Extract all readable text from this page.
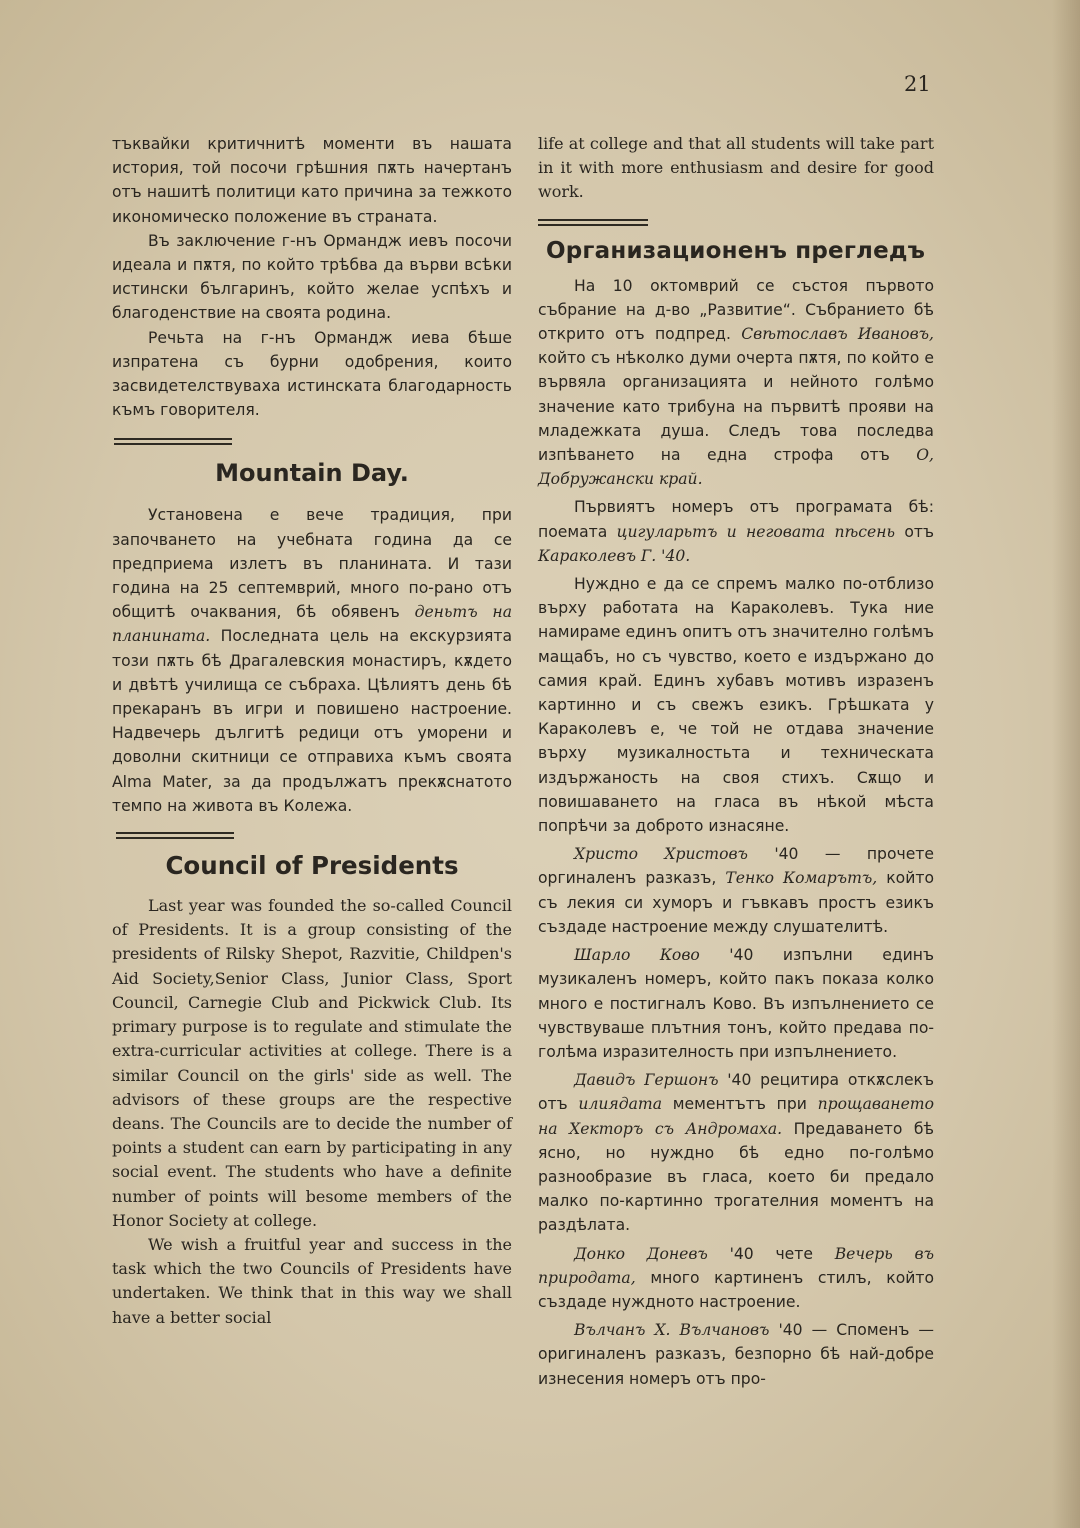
21

тъквайки критичнитѣ моменти въ нашата история, той посочи грѣшния пѫть начертанъ отъ нашитѣ политици като причина за тежкото икономическо положение въ страната.

Въ заключение г-нъ Ормандж иевъ посочи идеала и пѫтя, по който трѣбва да върви всѣки истински българинъ, който желае успѣхъ и благоденствие на своята родина.

Речьта на г-нъ Ормандж иева бѣше изпратена съ бурни одобрения, които засвидетелствуваха истинската благодарность къмъ говорителя.

Mountain Day.

Установена е вече традиция, при започването на учебната година да се предприема излетъ въ планината. И тази година на 25 септемврий, много по-рано отъ общитѣ очаквания, бѣ обявенъ деньтъ на планината. Последната цель на екскурзията този пѫть бѣ Драгалевския монастиръ, кѫдето и двѣтѣ училища се събраха. Цѣлиятъ день бѣ прекаранъ въ игри и повишено настроение. Надвечерь дългитѣ редици отъ уморени и доволни скитници се отправиха къмъ своята Alma Mater, за да продължатъ прекѫснатото темпо на живота въ Колежа.

Council of Presidents

Last year was founded the so-called Council of Presidents. It is a group consisting of the presidents of Rilsky Shepot, Razvitie, Childpen's Aid Society,Senior Class, Junior Class, Sport Council, Carnegie Club and Pickwick Club. Its primary purpose is to regulate and stimulate the extra-curricular activities at college. There is a similar Council on the girls' side as well. The advisors of these groups are the respective deans. The Councils are to decide the number of points a student can earn by participating in any social event. The students who have a definite number of points will besome members of the Honor Society at college.

We wish a fruitful year and success in the task which the two Councils of Presidents have undertaken. We think that in this way we shall have a better social

life at college and that all students will take part in it with more enthusiasm and desire for good work.

Организационенъ прегледъ

На 10 октомврий се състоя първото събрание на д-во „Развитие“. Събранието бѣ открито отъ подпред. Свѣтославъ Ивановъ, който съ нѣколко думи очерта пѫтя, по който е вървяла организацията и нейното голѣмо значение като трибуна на първитѣ прояви на младежката душа. Следъ това последва изпѣването на една строфа отъ О, Добружански край.

Първиятъ номеръ отъ програмата бѣ: поемата цигуларьтъ и неговата пѣсень отъ Караколевъ Г. '40.

Нуждно е да се спремъ малко по-отблизо върху работата на Караколевъ. Тука ние намираме единъ опитъ отъ значително голѣмъ мащабъ, но съ чувство, което е издържано до самия край. Единъ хубавъ мотивъ изразенъ картинно и съ свежъ езикъ. Грѣшката у Караколевъ е, че той не отдава значение върху музикалностьта и техническата издържаность на своя стихъ. Сѫщо и повишаването на гласа въ нѣкой мѣста попрѣчи за доброто изнасяне.

Христо Христовъ '40 — прочете оргиналенъ разказъ, Тенко Комарътъ, който съ лекия си хуморъ и гъвкавъ простъ езикъ създаде настроение между слушателитѣ.

Шарло Ково '40 изпълни единъ музикаленъ номеръ, който пакъ показа колко много е постигналъ Ково. Въ изпълнението се чувствуваше плътния тонъ, който предава по-голѣма изразителность при изпълнението.

Давидъ Гершонъ '40 рецитира откѫслекъ отъ илиядата мементътъ при прощаването на Хекторъ съ Андромаха. Предаването бѣ ясно, но нуждно бѣ едно по-голѣмо разнообразие въ гласа, което би предало малко по-картинно трогателния моментъ на раздѣлата.

Донко Доневъ '40 чете Вечерь въ природата, много картиненъ стилъ, който създаде нуждното настроение.

Вълчанъ Х. Вълчановъ '40 — Споменъ — оригиналенъ разказъ, безпорно бѣ най-добре изнесения номеръ отъ про-
